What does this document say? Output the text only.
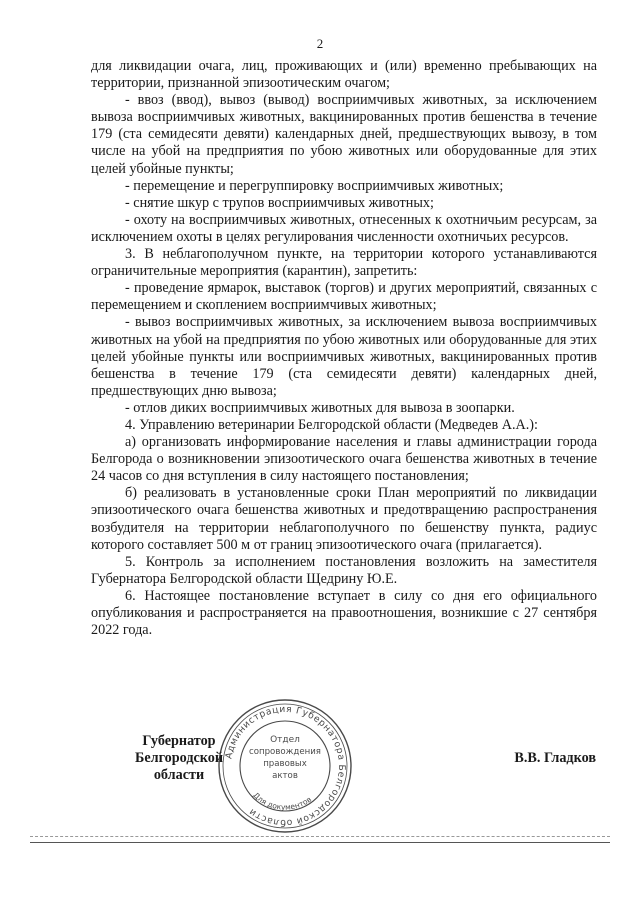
2

для ликвидации очага, лиц, проживающих и (или) временно пребывающих на территории, признанной эпизоотическим очагом;

- ввоз (ввод), вывоз (вывод) восприимчивых животных, за исключением вывоза восприимчивых животных, вакцинированных против бешенства в течение 179 (ста семидесяти девяти) календарных дней, предшествующих вывозу, в том числе на убой на предприятия по убою животных или оборудованные для этих целей убойные пункты;

- перемещение и перегруппировку восприимчивых животных;

- снятие шкур с трупов восприимчивых животных;

- охоту на восприимчивых животных, отнесенных к охотничьим ресурсам, за исключением охоты в целях регулирования численности охотничьих ресурсов.

3. В неблагополучном пункте, на территории которого устанавливаются ограничительные мероприятия (карантин), запретить:

- проведение ярмарок, выставок (торгов) и других мероприятий, связанных с перемещением и скоплением восприимчивых животных;

- вывоз восприимчивых животных, за исключением вывоза восприимчивых животных на убой на предприятия по убою животных или оборудованные для этих целей убойные пункты или восприимчивых животных, вакцинированных против бешенства в течение 179 (ста семидесяти девяти) календарных дней, предшествующих дню вывоза;

- отлов диких восприимчивых животных для вывоза в зоопарки.

4. Управлению ветеринарии Белгородской области (Медведев А.А.):

а) организовать информирование населения и главы администрации города Белгорода о возникновении эпизоотического очага бешенства животных в течение 24 часов со дня вступления в силу настоящего постановления;

б) реализовать в установленные сроки План мероприятий по ликвидации эпизоотического очага бешенства животных и предотвращению распространения возбудителя на территории неблагополучного по бешенству пункта, радиус которого составляет 500 м от границ эпизоотического очага (прилагается).

5. Контроль за исполнением постановления возложить на заместителя Губернатора Белгородской области Щедрину Ю.Е.

6. Настоящее постановление вступает в силу со дня его официального опубликования и распространяется на правоотношения, возникшие с 27 сентября 2022 года.

Губернатор
Белгородской области
В.В. Гладков
Администрация Губернатора Белгородской области
Отдел
сопровождения
правовых
актов
Для документов
